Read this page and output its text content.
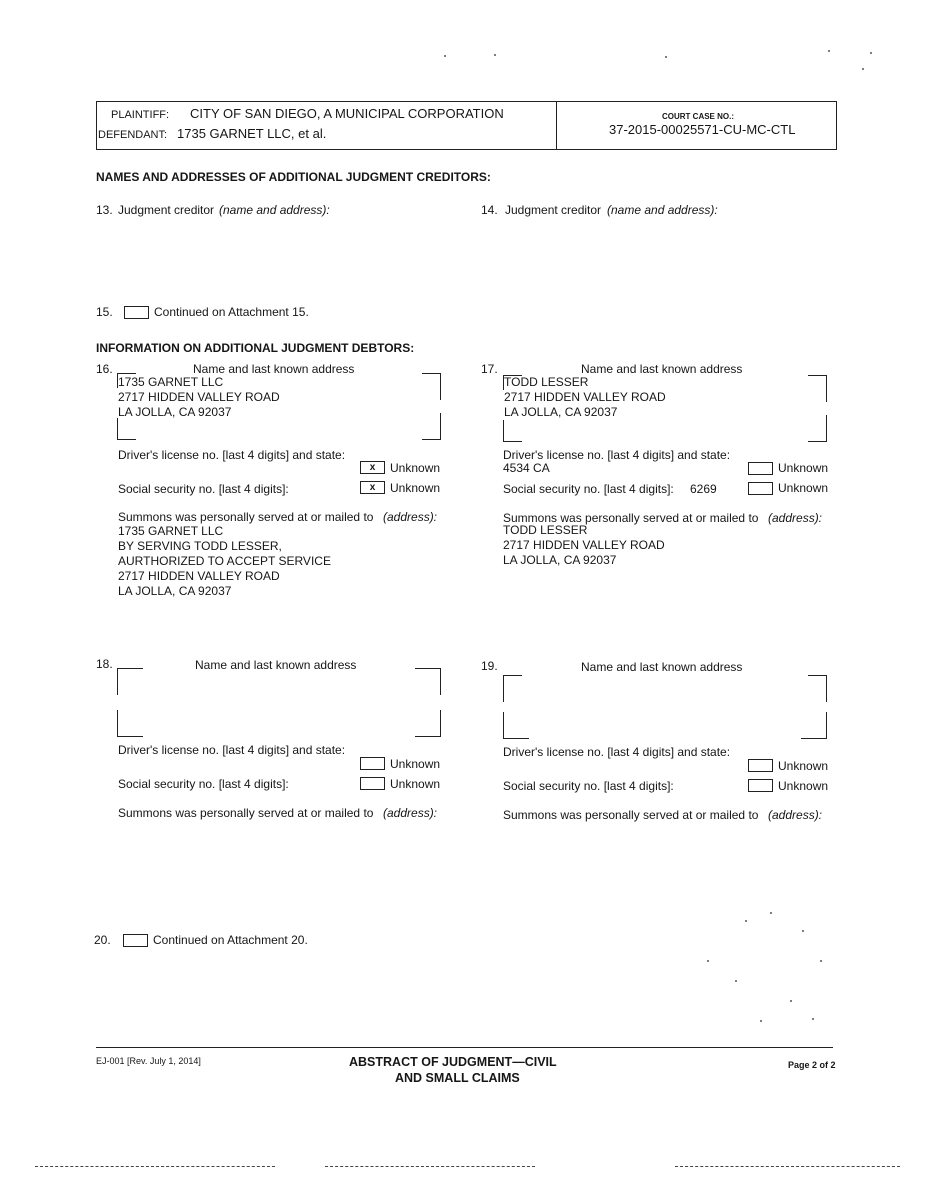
PLAINTIFF: CITY OF SAN DIEGO, A MUNICIPAL CORPORATION
DEFENDANT: 1735 GARNET LLC, et al.
COURT CASE NO.:
37-2015-00025571-CU-MC-CTL
NAMES AND ADDRESSES OF ADDITIONAL JUDGMENT CREDITORS:
13. Judgment creditor (name and address):	14. Judgment creditor (name and address):
15.	Continued on Attachment 15.
INFORMATION ON ADDITIONAL JUDGMENT DEBTORS:
16.	Name and last known address
1735 GARNET LLC
2717 HIDDEN VALLEY ROAD
LA JOLLA, CA 92037
Driver's license no. [last 4 digits] and state:
x	Unknown
Social security no. [last 4 digits]:	x	Unknown
Summons was personally served at or mailed to (address):
1735 GARNET LLC
BY SERVING TODD LESSER,
AURTHORIZED TO ACCEPT SERVICE
2717 HIDDEN VALLEY ROAD
LA JOLLA, CA 92037
17.	Name and last known address
TODD LESSER
2717 HIDDEN VALLEY ROAD
LA JOLLA, CA 92037
Driver's license no. [last 4 digits] and state:
4534 CA	Unknown
Social security no. [last 4 digits]: 6269	Unknown
Summons was personally served at or mailed to (address):
TODD LESSER
2717 HIDDEN VALLEY ROAD
LA JOLLA, CA 92037
18.	Name and last known address
Driver's license no. [last 4 digits] and state:
Unknown
Social security no. [last 4 digits]:	Unknown
Summons was personally served at or mailed to (address):
19.	Name and last known address
Driver's license no. [last 4 digits] and state:
Unknown
Social security no. [last 4 digits]:	Unknown
Summons was personally served at or mailed to (address):
20.	Continued on Attachment 20.
EJ-001 [Rev. July 1, 2014]	ABSTRACT OF JUDGMENT—CIVIL
AND SMALL CLAIMS
Page 2 of 2
